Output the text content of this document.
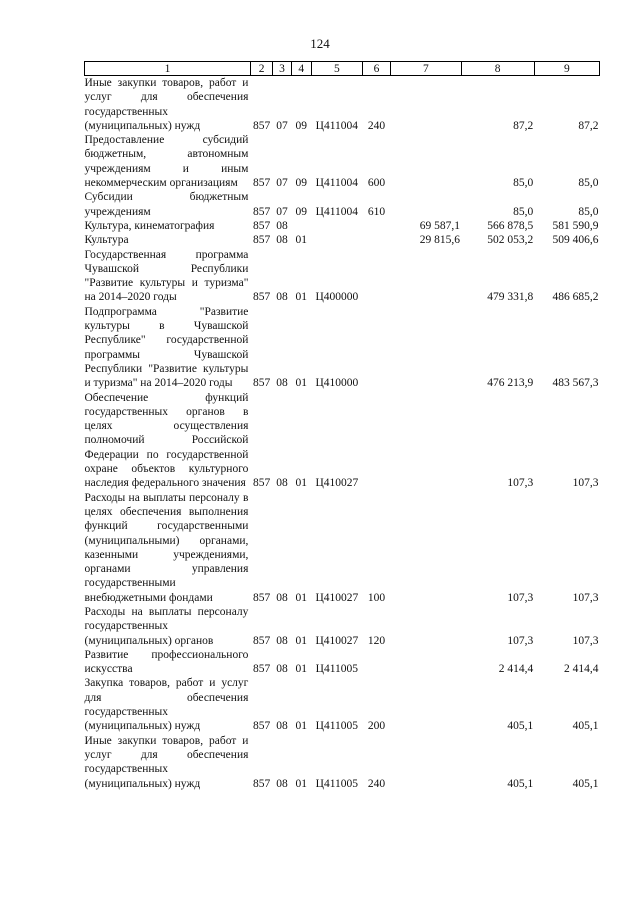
124
1	2	3	4	5	6	7	8	9
Иные закупки товаров, работ и услуг для обеспечения государственных (муниципальных) нужд	857	07	09	Ц411004	240		87,2	87,2
Предоставление субсидий бюджетным, автономным учреждениям и иным некоммерческим организациям	857	07	09	Ц411004	600		85,0	85,0
Субсидии бюджетным учреждениям	857	07	09	Ц411004	610		85,0	85,0
Культура, кинематография	857	08				69 587,1	566 878,5	581 590,9
Культура	857	08	01			29 815,6	502 053,2	509 406,6
Государственная программа Чувашской Республики "Развитие культуры и туризма" на 2014–2020 годы	857	08	01	Ц400000			479 331,8	486 685,2
Подпрограмма "Развитие культуры в Чувашской Республике" государственной программы Чувашской Республики "Развитие культуры и туризма" на 2014–2020 годы	857	08	01	Ц410000			476 213,9	483 567,3
Обеспечение функций государственных органов в целях осуществления полномочий Российской Федерации по государственной охране объектов культурного наследия федерального значения	857	08	01	Ц410027			107,3	107,3
Расходы на выплаты персоналу в целях обеспечения выполнения функций государственными (муниципальными) органами, казенными учреждениями, органами управления государственными внебюджетными фондами	857	08	01	Ц410027	100		107,3	107,3
Расходы на выплаты персоналу государственных (муниципальных) органов	857	08	01	Ц410027	120		107,3	107,3
Развитие профессионального искусства	857	08	01	Ц411005			2 414,4	2 414,4
Закупка товаров, работ и услуг для обеспечения государственных (муниципальных) нужд	857	08	01	Ц411005	200		405,1	405,1
Иные закупки товаров, работ и услуг для обеспечения государственных (муниципальных) нужд	857	08	01	Ц411005	240		405,1	405,1
